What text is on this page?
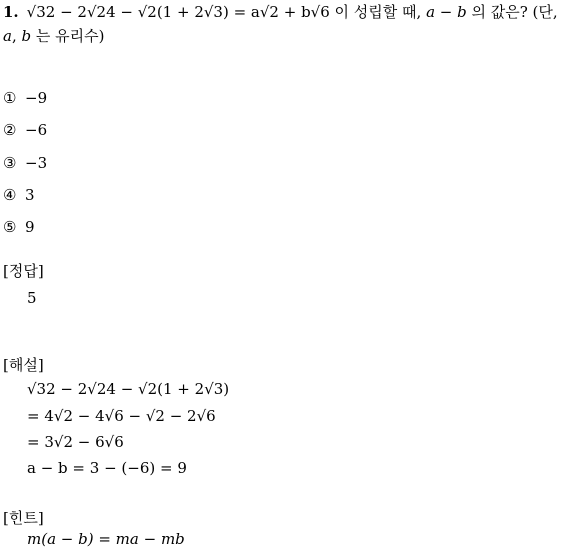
1. √32 − 2√24 − √2(1 + 2√3) = a√2 + b√6 이 성립할 때, a − b 의 값은? (단,
a, b 는 유리수)
① −9
② −6
③ −3
④ 3
⑤ 9
[정답]
5
[해설]
√32 − 2√24 − √2(1 + 2√3)
= 4√2 − 4√6 − √2 − 2√6
= 3√2 − 6√6
a − b = 3 − (−6) = 9
[힌트]
m(a − b) = ma − mb
